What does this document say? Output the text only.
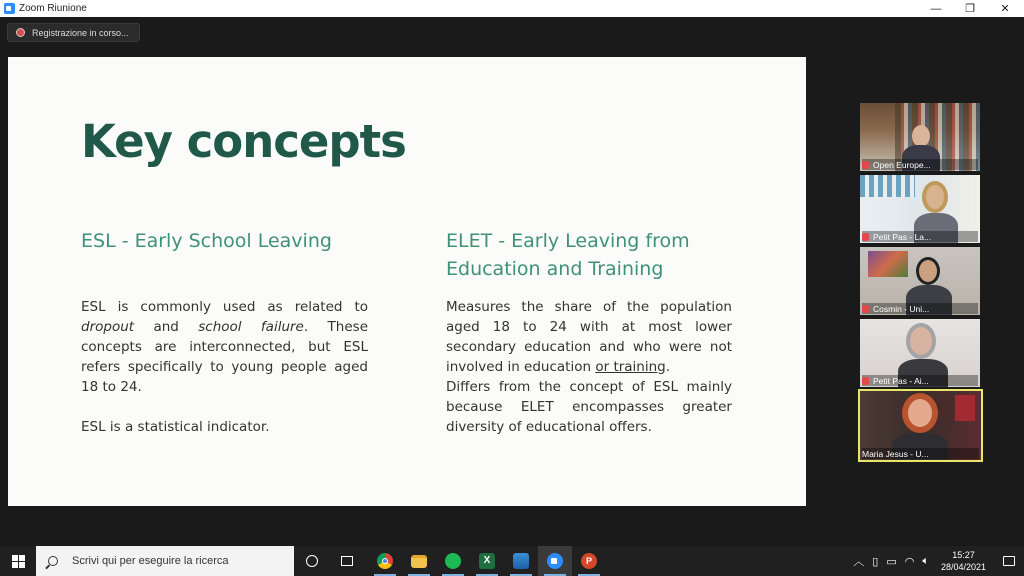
Zoom Riunione	—	❐	✕
Registrazione in corso...
Key concepts
ESL - Early School Leaving

ESL is commonly used as related to dropout and school failure. These concepts are interconnected, but ESL refers specifically to young people aged 18 to 24.

ESL is a statistical indicator.

ELET - Early Leaving from Education and Training

Measures the share of the population aged 18 to 24 with at most lower secondary education and who were not involved in education or training.

Differs from the concept of ESL mainly because ELET encompasses greater diversity of educational offers.

Open Europe...
Petit Pas - La...
Cosmin - Uni...
Petit Pas - Ai...
Maria Jesus - U...
Scrivi qui per eseguire la ricerca	X	P	︿ ▯ ▭ ◠ 🔈︎	15:27
28/04/2021
